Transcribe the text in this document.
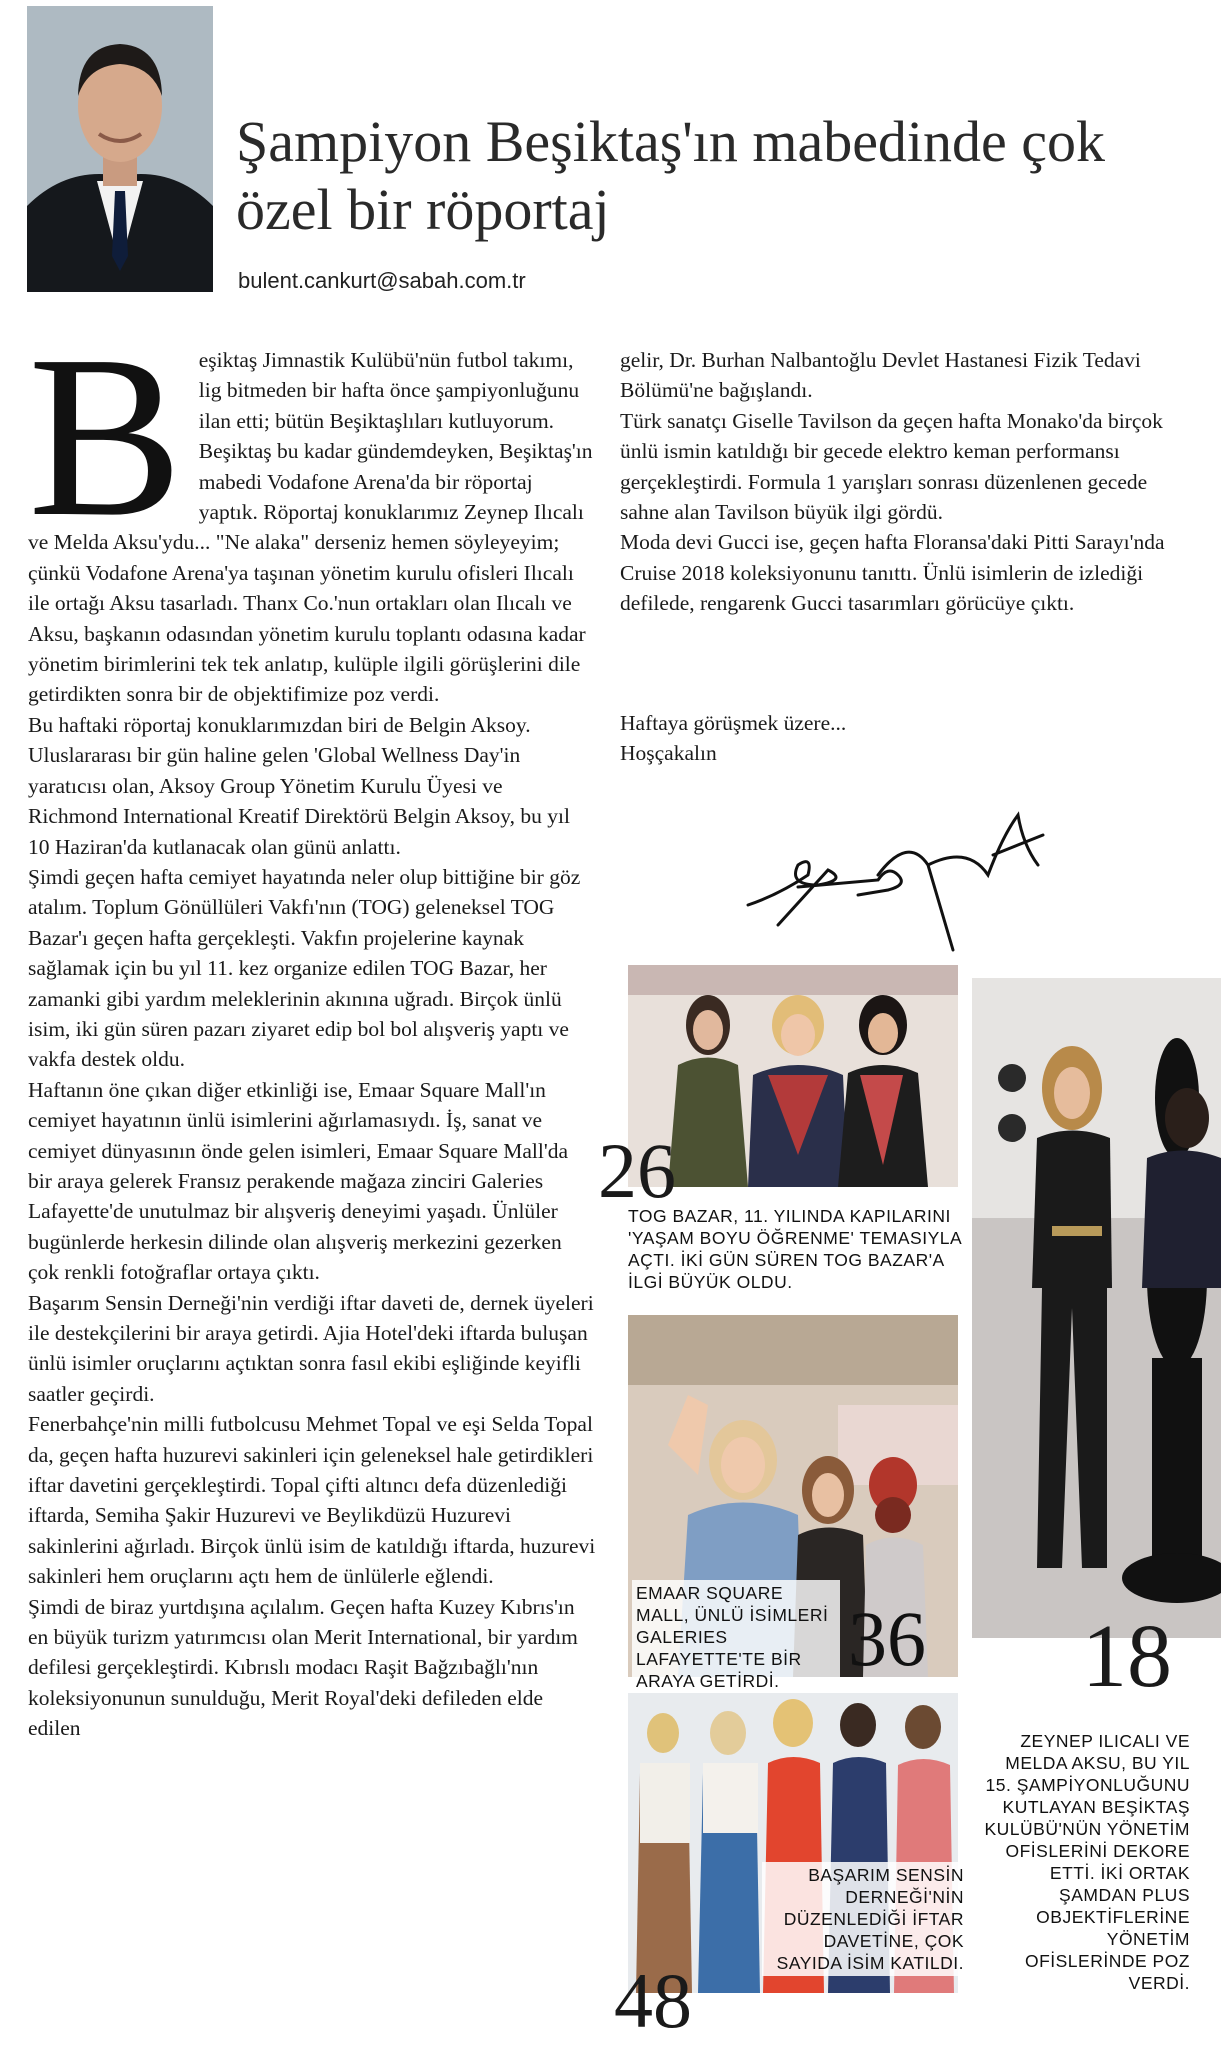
Şampiyon Beşiktaş'ın mabedinde çok özel bir röportaj
bulent.cankurt@sabah.com.tr
B eşiktaş Jimnastik Kulübü'nün futbol takımı, lig bitmeden bir hafta önce şampiyonluğunu ilan etti; bütün Beşiktaşlıları kutluyorum. Beşiktaş bu kadar gündemdeyken, Beşiktaş'ın mabedi Vodafone Arena'da bir röportaj yaptık. Röportaj konuklarımız Zeynep Ilıcalı ve Melda Aksu'ydu... "Ne alaka" derseniz hemen söyleyeyim; çünkü Vodafone Arena'ya taşınan yönetim kurulu ofisleri Ilıcalı ile ortağı Aksu tasarladı. Thanx Co.'nun ortakları olan Ilıcalı ve Aksu, başkanın odasından yönetim kurulu toplantı odasına kadar yönetim birimlerini tek tek anlatıp, kulüple ilgili görüşlerini dile getirdikten sonra bir de objektifimize poz verdi.

Bu haftaki röportaj konuklarımızdan biri de Belgin Aksoy. Uluslararası bir gün haline gelen 'Global Wellness Day'in yaratıcısı olan, Aksoy Group Yönetim Kurulu Üyesi ve Richmond International Kreatif Direktörü Belgin Aksoy, bu yıl 10 Haziran'da kutlanacak olan günü anlattı.

Şimdi geçen hafta cemiyet hayatında neler olup bittiğine bir göz atalım. Toplum Gönüllüleri Vakfı'nın (TOG) geleneksel TOG Bazar'ı geçen hafta gerçekleşti. Vakfın projelerine kaynak sağlamak için bu yıl 11. kez organize edilen TOG Bazar, her zamanki gibi yardım meleklerinin akınına uğradı. Birçok ünlü isim, iki gün süren pazarı ziyaret edip bol bol alışveriş yaptı ve vakfa destek oldu.

Haftanın öne çıkan diğer etkinliği ise, Emaar Square Mall'ın cemiyet hayatının ünlü isimlerini ağırlamasıydı. İş, sanat ve cemiyet dünyasının önde gelen isimleri, Emaar Square Mall'da bir araya gelerek Fransız perakende mağaza zinciri Galeries Lafayette'de unutulmaz bir alışveriş deneyimi yaşadı. Ünlüler bugünlerde herkesin dilinde olan alışveriş merkezini gezerken çok renkli fotoğraflar ortaya çıktı.

Başarım Sensin Derneği'nin verdiği iftar daveti de, dernek üyeleri ile destekçilerini bir araya getirdi. Ajia Hotel'deki iftarda buluşan ünlü isimler oruçlarını açtıktan sonra fasıl ekibi eşliğinde keyifli saatler geçirdi.

Fenerbahçe'nin milli futbolcusu Mehmet Topal ve eşi Selda Topal da, geçen hafta huzurevi sakinleri için geleneksel hale getirdikleri iftar davetini gerçekleştirdi. Topal çifti altıncı defa düzenlediği iftarda, Semiha Şakir Huzurevi ve Beylikdüzü Huzurevi sakinlerini ağırladı. Birçok ünlü isim de katıldığı iftarda, huzurevi sakinleri hem oruçlarını açtı hem de ünlülerle eğlendi.

Şimdi de biraz yurtdışına açılalım. Geçen hafta Kuzey Kıbrıs'ın en büyük turizm yatırımcısı olan Merit International, bir yardım defilesi gerçekleştirdi. Kıbrıslı modacı Raşit Bağzıbağlı'nın koleksiyonunun sunulduğu, Merit Royal'deki defileden elde edilen

gelir, Dr. Burhan Nalbantoğlu Devlet Hastanesi Fizik Tedavi Bölümü'ne bağışlandı.

Türk sanatçı Giselle Tavilson da geçen hafta Monako'da birçok ünlü ismin katıldığı bir gecede elektro keman performansı gerçekleştirdi. Formula 1 yarışları sonrası düzenlenen gecede sahne alan Tavilson büyük ilgi gördü.

Moda devi Gucci ise, geçen hafta Floransa'daki Pitti Sarayı'nda Cruise 2018 koleksiyonunu tanıttı. Ünlü isimlerin de izlediği defilede, rengarenk Gucci tasarımları görücüye çıktı.

Haftaya görüşmek üzere...

Hoşçakalın

26
TOG BAZAR, 11. YILINDA KAPILARINI 'YAŞAM BOYU ÖĞRENME' TEMASIYLA AÇTI. İKİ GÜN SÜREN TOG BAZAR'A İLGİ BÜYÜK OLDU.
EMAAR SQUARE MALL, ÜNLÜ İSİMLERİ GALERIES LAFAYETTE'TE BİR ARAYA GETİRDİ. 36
BAŞARIM SENSİN DERNEĞİ'NİN DÜZENLEDİĞİ İFTAR DAVETİNE, ÇOK SAYIDA İSİM KATILDI.
48
18
ZEYNEP ILICALI VE MELDA AKSU, BU YIL 15. ŞAMPİYONLUĞUNU KUTLAYAN BEŞİKTAŞ KULÜBÜ'NÜN YÖNETİM OFİSLERİNİ DEKORE ETTİ. İKİ ORTAK ŞAMDAN PLUS OBJEKTİFLERİNE YÖNETİM OFİSLERİNDE POZ VERDİ.
